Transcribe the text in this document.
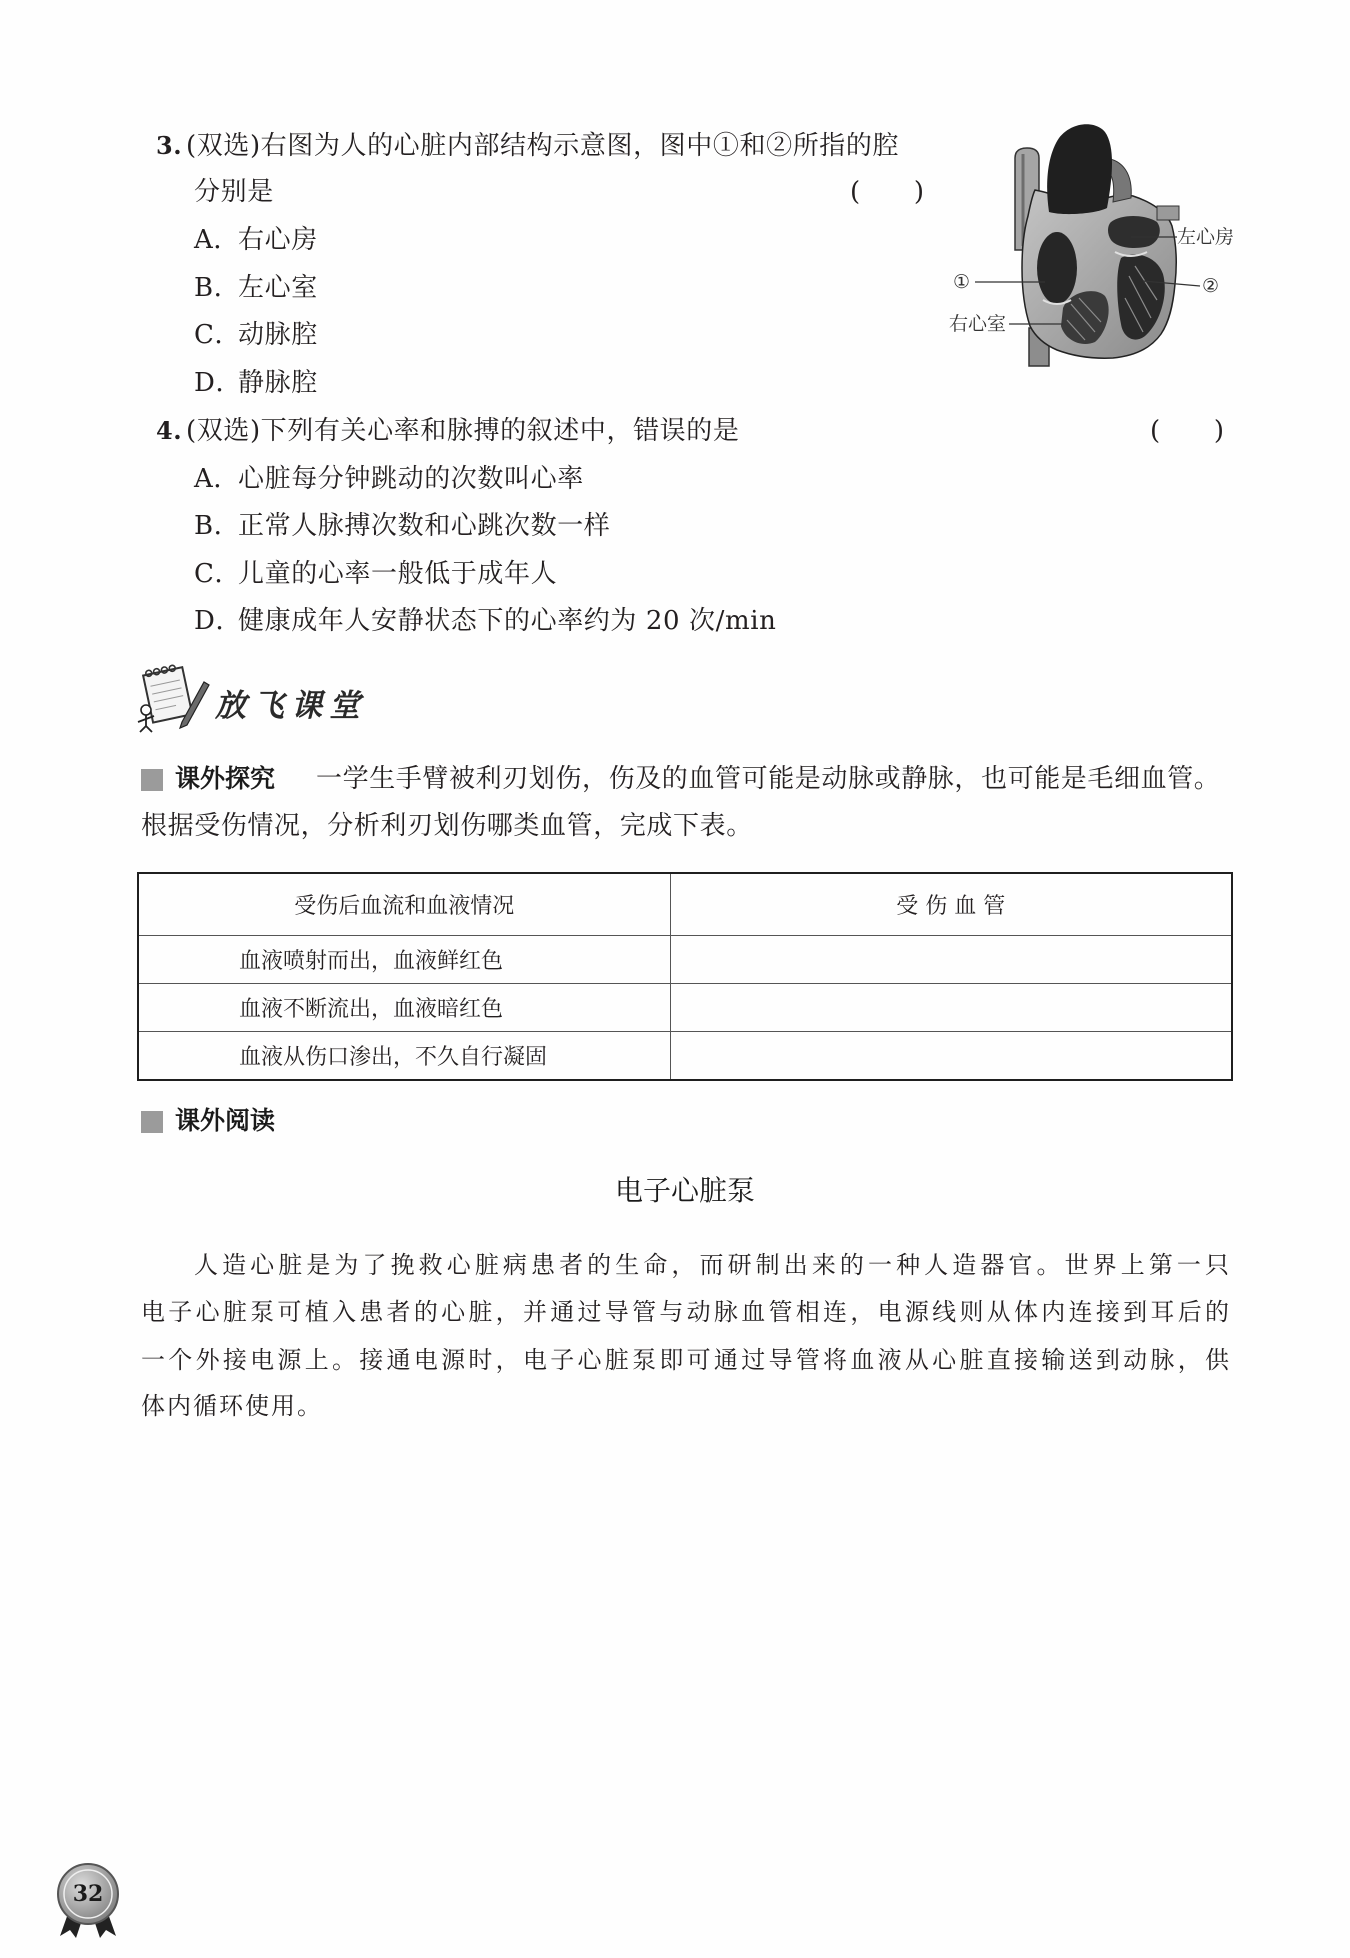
3. (双选)右图为人的心脏内部结构示意图，图中①和②所指的腔
分别是	(      )
A．右心房
B．左心室
C．动脉腔
D．静脉腔
左心房
①	②
右心室
4. (双选)下列有关心率和脉搏的叙述中，错误的是	(      )
A．心脏每分钟跳动的次数叫心率
B．正常人脉搏次数和心跳次数一样
C．儿童的心率一般低于成年人
D．健康成年人安静状态下的心率约为 20 次/min
放飞课堂
课外探究 一学生手臂被利刃划伤，伤及的血管可能是动脉或静脉，也可能是毛细血管。
根据受伤情况，分析利刃划伤哪类血管，完成下表。
受伤后血流和血液情况	受 伤 血 管
血液喷射而出，血液鲜红色	
血液不断流出，血液暗红色	
血液从伤口渗出，不久自行凝固	
课外阅读
电子心脏泵
人造心脏是为了挽救心脏病患者的生命，而研制出来的一种人造器官。世界上第一只
电子心脏泵可植入患者的心脏，并通过导管与动脉血管相连，电源线则从体内连接到耳后的
一个外接电源上。接通电源时，电子心脏泵即可通过导管将血液从心脏直接输送到动脉，供
体内循环使用。
32
